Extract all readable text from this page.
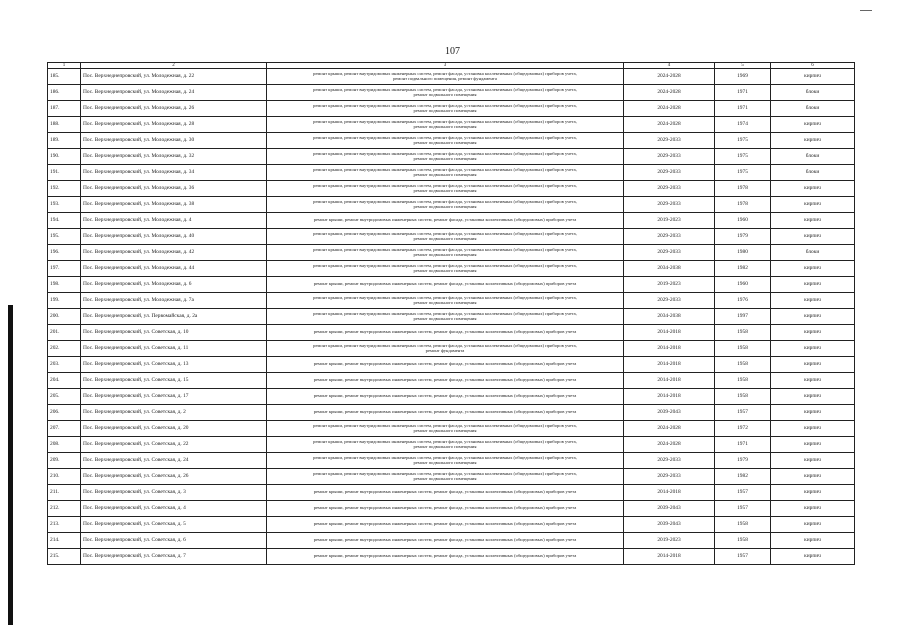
107
1	2	3	4	5	6
185.	Пос. Верхнеднепровский, ул. Молодежная, д. 22	ремонт крыши, ремонт внутридомовых инженерных систем, ремонт фасада, установка коллективных (общедомовых) приборов учета,
ремонт подвального помещения, ремонт фундамента	2024-2028	1969	кирпич
186.	Пос. Верхнеднепровский, ул. Молодежная, д. 24	ремонт крыши, ремонт внутридомовых инженерных систем, ремонт фасада, установка коллективных (общедомовых) приборов учета,
ремонт подвального помещения	2024-2028	1971	блоки
187.	Пос. Верхнеднепровский, ул. Молодежная, д. 26	ремонт крыши, ремонт внутридомовых инженерных систем, ремонт фасада, установка коллективных (общедомовых) приборов учета,
ремонт подвального помещения	2024-2028	1971	блоки
188.	Пос. Верхнеднепровский, ул. Молодежная, д. 28	ремонт крыши, ремонт внутридомовых инженерных систем, ремонт фасада, установка коллективных (общедомовых) приборов учета,
ремонт подвального помещения	2024-2028	1974	кирпич
189.	Пос. Верхнеднепровский, ул. Молодежная, д. 30	ремонт крыши, ремонт внутридомовых инженерных систем, ремонт фасада, установка коллективных (общедомовых) приборов учета,
ремонт подвального помещения	2029-2033	1975	кирпич
190.	Пос. Верхнеднепровский, ул. Молодежная, д. 32	ремонт крыши, ремонт внутридомовых инженерных систем, ремонт фасада, установка коллективных (общедомовых) приборов учета,
ремонт подвального помещения	2029-2033	1975	блоки
191.	Пос. Верхнеднепровский, ул. Молодежная, д. 34	ремонт крыши, ремонт внутридомовых инженерных систем, ремонт фасада, установка коллективных (общедомовых) приборов учета,
ремонт подвального помещения	2029-2033	1975	блоки
192.	Пос. Верхнеднепровский, ул. Молодежная, д. 36	ремонт крыши, ремонт внутридомовых инженерных систем, ремонт фасада, установка коллективных (общедомовых) приборов учета,
ремонт подвального помещения	2029-2033	1978	кирпич
193.	Пос. Верхнеднепровский, ул. Молодежная, д. 38	ремонт крыши, ремонт внутридомовых инженерных систем, ремонт фасада, установка коллективных (общедомовых) приборов учета,
ремонт подвального помещения	2029-2033	1978	кирпич
194.	Пос. Верхнеднепровский, ул. Молодежная, д. 4	ремонт крыши, ремонт внутридомовых инженерных систем, ремонт фасада, установка коллективных (общедомовых) приборов учета	2019-2023	1960	кирпич
195.	Пос. Верхнеднепровский, ул. Молодежная, д. 40	ремонт крыши, ремонт внутридомовых инженерных систем, ремонт фасада, установка коллективных (общедомовых) приборов учета,
ремонт подвального помещения	2029-2033	1979	кирпич
196.	Пос. Верхнеднепровский, ул. Молодежная, д. 42	ремонт крыши, ремонт внутридомовых инженерных систем, ремонт фасада, установка коллективных (общедомовых) приборов учета,
ремонт подвального помещения	2029-2033	1980	блоки
197.	Пос. Верхнеднепровский, ул. Молодежная, д. 44	ремонт крыши, ремонт внутридомовых инженерных систем, ремонт фасада, установка коллективных (общедомовых) приборов учета,
ремонт подвального помещения	2034-2038	1982	кирпич
198.	Пос. Верхнеднепровский, ул. Молодежная, д. 6	ремонт крыши, ремонт внутридомовых инженерных систем, ремонт фасада, установка коллективных (общедомовых) приборов учета	2019-2023	1960	кирпич
199.	Пос. Верхнеднепровский, ул. Молодежная, д. 7а	ремонт крыши, ремонт внутридомовых инженерных систем, ремонт фасада, установка коллективных (общедомовых) приборов учета,
ремонт подвального помещения	2029-2033	1976	кирпич
200.	Пос. Верхнеднепровский, ул. Первомайская, д. 2а	ремонт крыши, ремонт внутридомовых инженерных систем, ремонт фасада, установка коллективных (общедомовых) приборов учета,
ремонт подвального помещения	2034-2038	1997	кирпич
201.	Пос. Верхнеднепровский, ул. Советская, д. 10	ремонт крыши, ремонт внутридомовых инженерных систем, ремонт фасада, установка коллективных (общедомовых) приборов учета	2014-2018	1958	кирпич
202.	Пос. Верхнеднепровский, ул. Советская, д. 11	ремонт крыши, ремонт внутридомовых инженерных систем, ремонт фасада, установка коллективных (общедомовых) приборов учета,
ремонт фундамента	2014-2018	1958	кирпич
203.	Пос. Верхнеднепровский, ул. Советская, д. 13	ремонт крыши, ремонт внутридомовых инженерных систем, ремонт фасада, установка коллективных (общедомовых) приборов учета	2014-2018	1958	кирпич
204.	Пос. Верхнеднепровский, ул. Советская, д. 15	ремонт крыши, ремонт внутридомовых инженерных систем, ремонт фасада, установка коллективных (общедомовых) приборов учета	2014-2018	1958	кирпич
205.	Пос. Верхнеднепровский, ул. Советская, д. 17	ремонт крыши, ремонт внутридомовых инженерных систем, ремонт фасада, установка коллективных (общедомовых) приборов учета	2014-2018	1958	кирпич
206.	Пос. Верхнеднепровский, ул. Советская, д. 2	ремонт крыши, ремонт внутридомовых инженерных систем, ремонт фасада, установка коллективных (общедомовых) приборов учета	2039-2043	1957	кирпич
207.	Пос. Верхнеднепровский, ул. Советская, д. 20	ремонт крыши, ремонт внутридомовых инженерных систем, ремонт фасада, установка коллективных (общедомовых) приборов учета,
ремонт подвального помещения	2024-2028	1972	кирпич
208.	Пос. Верхнеднепровский, ул. Советская, д. 22	ремонт крыши, ремонт внутридомовых инженерных систем, ремонт фасада, установка коллективных (общедомовых) приборов учета,
ремонт подвального помещения	2024-2028	1971	кирпич
209.	Пос. Верхнеднепровский, ул. Советская, д. 24	ремонт крыши, ремонт внутридомовых инженерных систем, ремонт фасада, установка коллективных (общедомовых) приборов учета,
ремонт подвального помещения	2029-2033	1979	кирпич
210.	Пос. Верхнеднепровский, ул. Советская, д. 26	ремонт крыши, ремонт внутридомовых инженерных систем, ремонт фасада, установка коллективных (общедомовых) приборов учета,
ремонт подвального помещения	2029-2033	1982	кирпич
211.	Пос. Верхнеднепровский, ул. Советская, д. 3	ремонт крыши, ремонт внутридомовых инженерных систем, ремонт фасада, установка коллективных (общедомовых) приборов учета	2014-2018	1957	кирпич
212.	Пос. Верхнеднепровский, ул. Советская, д. 4	ремонт крыши, ремонт внутридомовых инженерных систем, ремонт фасада, установка коллективных (общедомовых) приборов учета	2039-2043	1957	кирпич
213.	Пос. Верхнеднепровский, ул. Советская, д. 5	ремонт крыши, ремонт внутридомовых инженерных систем, ремонт фасада, установка коллективных (общедомовых) приборов учета	2039-2043	1958	кирпич
214.	Пос. Верхнеднепровский, ул. Советская, д. 6	ремонт крыши, ремонт внутридомовых инженерных систем, ремонт фасада, установка коллективных (общедомовых) приборов учета	2019-2023	1958	кирпич
215.	Пос. Верхнеднепровский, ул. Советская, д. 7	ремонт крыши, ремонт внутридомовых инженерных систем, ремонт фасада, установка коллективных (общедомовых) приборов учета	2014-2018	1957	кирпич
